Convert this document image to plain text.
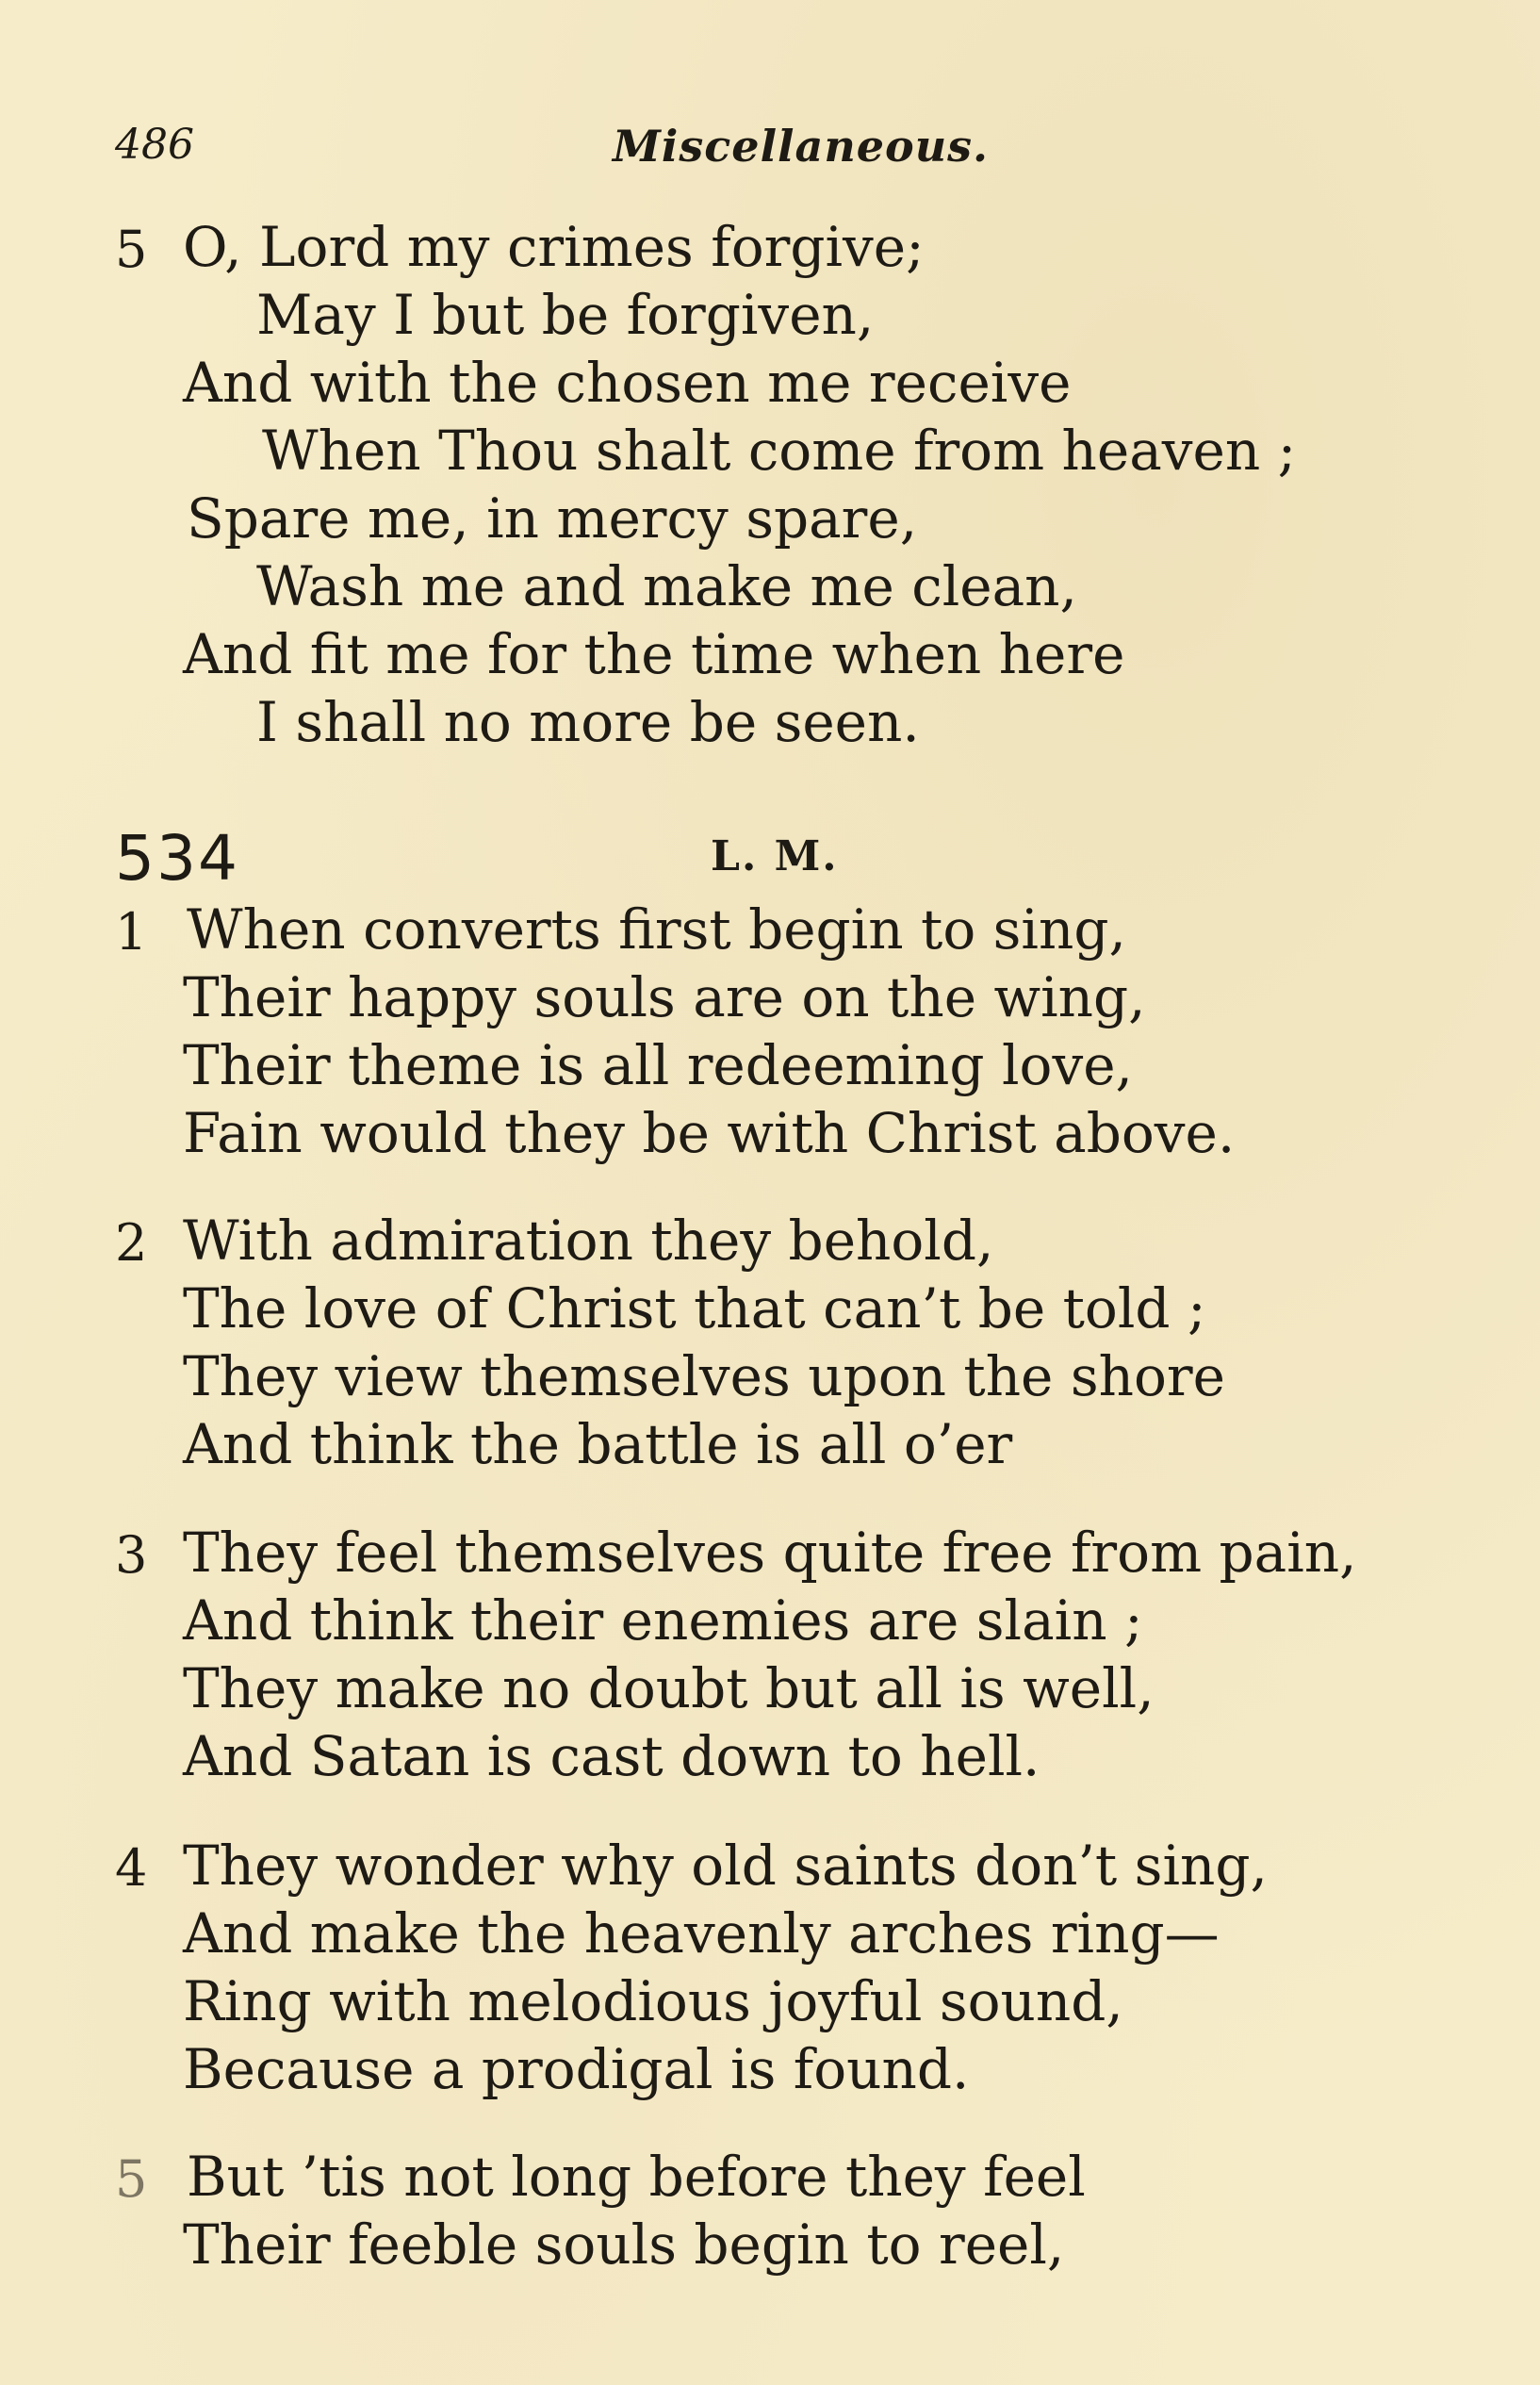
486	Miscellaneous.
5 O, Lord my crimes forgive;
May I but be forgiven,
And with the chosen me receive
When Thou shalt come from heaven ;
Spare me, in mercy spare,
Wash me and make me clean,
And fit me for the time when here
I shall no more be seen.
534	L. M.
1 When converts first begin to sing,
Their happy souls are on the wing,
Their theme is all redeeming love,
Fain would they be with Christ above.
2 With admiration they behold,
The love of Christ that can’t be told ;
They view themselves upon the shore
And think the battle is all o’er
3 They feel themselves quite free from pain,
And think their enemies are slain ;
They make no doubt but all is well,
And Satan is cast down to hell.
4 They wonder why old saints don’t sing,
And make the heavenly arches ring—
Ring with melodious joyful sound,
Because a prodigal is found.
5 But ’tis not long before they feel
Their feeble souls begin to reel,
